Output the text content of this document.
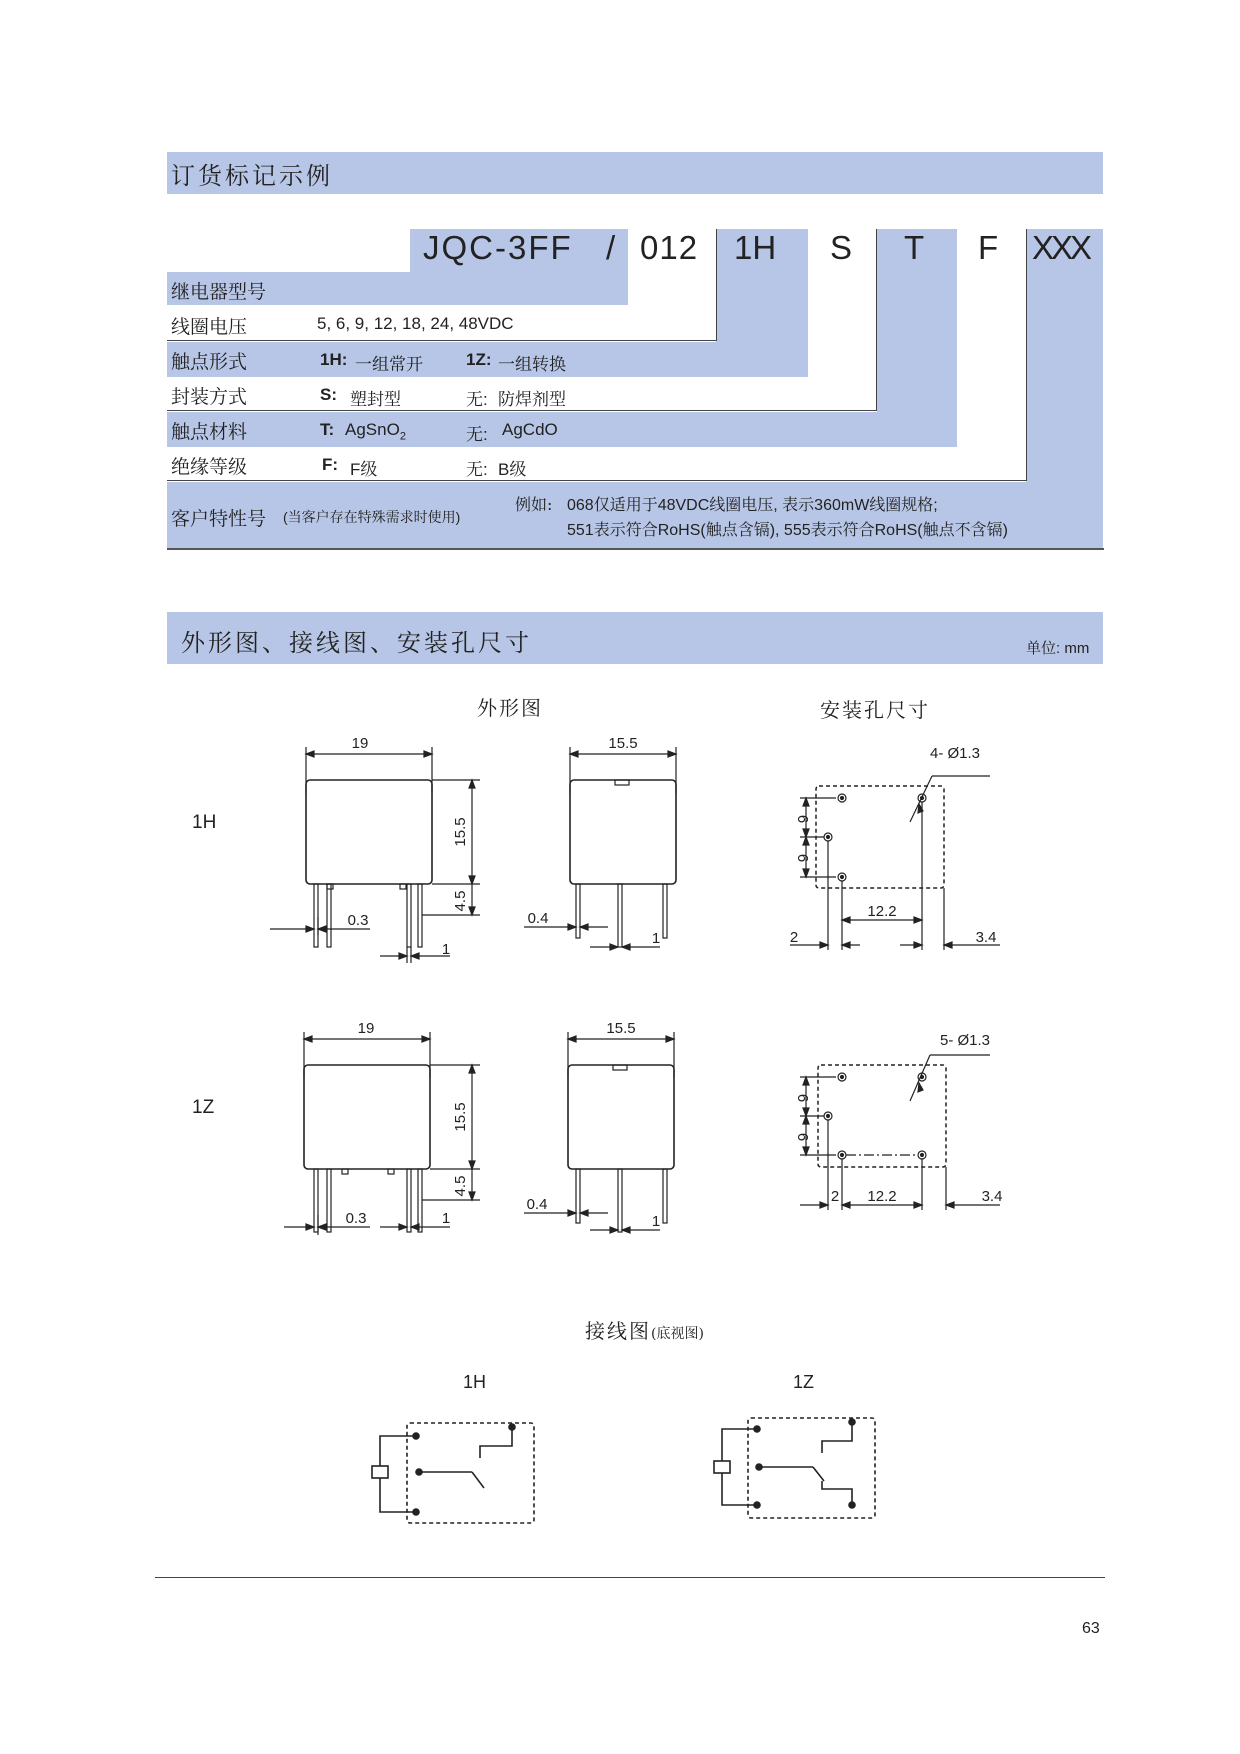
订货标记示例
JQC-3FF / 012 1H S T F XXX
继电器型号
线圈电压	5, 6, 9, 12, 18, 24, 48VDC
触点形式	1H: 一组常开	1Z: 一组转换
封装方式	S: 塑封型	无: 防焊剂型
触点材料	T: AgSnO$_2$	无: AgCdO
绝缘等级	F: F级	无: B级
客户特性号 (当客户存在特殊需求时使用)
例如: 068仅适用于48VDC线圈电压, 表示360mW线圈规格;
551表示符合RoHS(触点含镉), 555表示符合RoHS(触点不含镉)
外形图、接线图、安装孔尺寸	单位: mm
外形图	安装孔尺寸
1H
1Z
19
15.5
4.5
0.3
1
15.5
0.4
1
4- Ø1.3
6
6
12.2
2	3.4
19
15.5
4.5
0.3	1
15.5
0.4
1
5- Ø1.3
6
6
2 12.2	3.4
接线图(底视图)
1H	1Z
63
